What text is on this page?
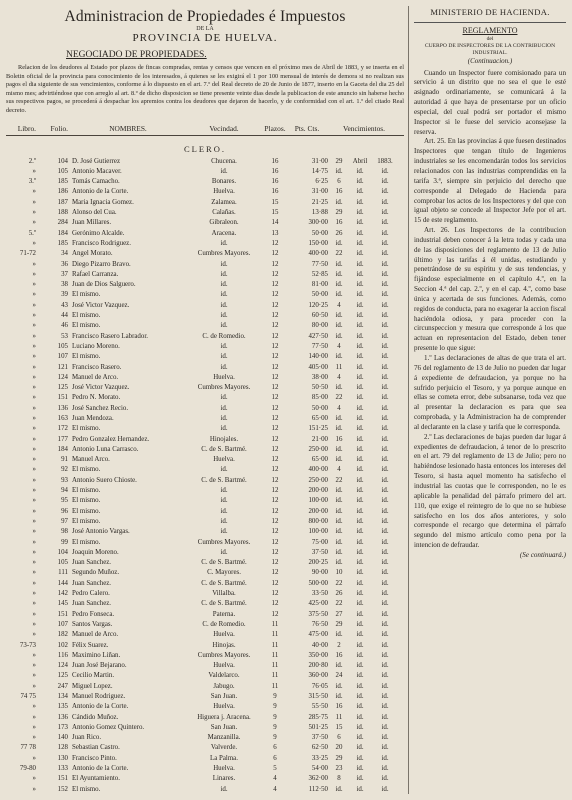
Administracion de Propiedades é Impuestos
DE LA
PROVINCIA DE HUELVA.
NEGOCIADO DE PROPIEDADES.
Relacion de los deudores al Estado por plazos de fincas compradas, rentas y censos que vencen en el próximo mes de Abril de 1883, y se inserta en el Boletin oficial de la provincia para conocimiento de los interesados, á quienes se les exigirá el 1 por 100 mensual de interés de demora si no realizan sus pagos el dia siguiente de sus vencimientos, conforme á lo dispuesto en el art. 7.º del Real decreto de 20 de Junio de 1877, inserto en la Gaceta del dia 25 del mismo mes; advirtiéndose que con arreglo al art. 8.º de dicho disposicion se tiene presente veinte dias desde la publicacion de este anuncio sin haberse hecho sus respectivos pagos, se procederá á despachar los apremios contra los deudores que dejaron de hacerlo, y de conformidad con el art. 1.º del citado Real decreto.
Libro.	Folio.	NOMBRES.	Vecindad.	Plazos.	Pts. Cts.	Vencimientos.
CLERO.
2.º	104 D. José Gutierrez	Chucena.	16	31·00	29	Abril	1883.
»	105 Antonio Macaver.	id.	16	14·75	id.	id.	id.
3.º	185 Tomás Camacho.	Bonares.	16	6·25	6	id.	id.
»	186 Antonio de la Corte.	Huelva.	16	31·00	16	id.	id.
»	187 Maria Ignacia Gomez.	Zalamea.	15	21·25	id.	id.	id.
»	188 Alonso del Cua.	Calañas.	15	13·88	29	id.	id.
»	284 Juan Millares.	Gibraleon.	14	300·00	16	id.	id.
5.º	184 Gerónimo Alcalde.	Aracena.	13	50·00	26	id.	id.
»	185 Francisco Rodriguez.	id.	12	150·00	id.	id.	id.
71-72	34 Angel Morato.	Cumbres Mayores.	12	400·00	22	id.	id.
»	36 Diego Pizarro Bravo.	id.	12	77·50	id.	id.	id.
»	37 Rafael Carranza.	id.	12	52·85	id.	id.	id.
»	38 Juan de Dios Salguero.	id.	12	81·00	id.	id.	id.
»	39 El mismo.	id.	12	50·00	id.	id.	id.
»	43 José Victor Vazquez.	id.	12	120·25	4	id.	id.
»	44 El mismo.	id.	12	60·50	id.	id.	id.
»	46 El mismo.	id.	12	80·00	id.	id.	id.
»	53 Francisco Rasero Labrador.	C. de Romedio.	12	427·50	id.	id.	id.
»	105 Luciano Moreno.	id.	12	77·50	4	id.	id.
»	107 El mismo.	id.	12	140·00	id.	id.	id.
»	121 Francisco Rasero.	id.	12	405·00	11	id.	id.
»	124 Manuel de Arco.	Huelva.	12	38·00	4	id.	id.
»	125 José Victor Vazquez.	Cumbres Mayores.	12	50·50	id.	id.	id.
»	151 Pedro N. Morato.	id.	12	85·00	22	id.	id.
»	136 José Sanchez Recio.	id.	12	50·00	4	id.	id.
»	163 Juan Mendoza.	id.	12	65·00	id.	id.	id.
»	172 El mismo.	id.	12	151·25	id.	id.	id.
»	177 Pedro Gonzalez Hernandez.	Hinojales.	12	21·00	16	id.	id.
»	184 Antonio Luna Carrasco.	C. de S. Bartmé.	12	250·00	id.	id.	id.
»	91 Manuel Arco.	Huelva.	12	65·00	id.	id.	id.
»	92 El mismo.	id.	12	400·00	4	id.	id.
»	93 Antonio Suero Chioste.	C. de S. Bartmé.	12	250·00	22	id.	id.
»	94 El mismo.	id.	12	200·00	id.	id.	id.
»	95 El mismo.	id.	12	100·00	id.	id.	id.
»	96 El mismo.	id.	12	200·00	id.	id.	id.
»	97 El mismo.	id.	12	800·00	id.	id.	id.
»	98 José Antonio Vargas.	id.	12	100·00	id.	id.	id.
»	99 El mismo.	Cumbres Mayores.	12	75·00	id.	id.	id.
»	104 Joaquin Moreno.	id.	12	37·50	id.	id.	id.
»	105 Juan Sanchez.	C. de S. Bartmé.	12	200·25	id.	id.	id.
»	111 Segundo Muñoz.	C. Mayores.	12	90·00	10	id.	id.
»	144 Juan Sanchez.	C. de S. Bartmé.	12	500·00	22	id.	id.
»	142 Pedro Calero.	Villalba.	12	33·50	26	id.	id.
»	145 Juan Sanchez.	C. de S. Bartmé.	12	425·00	22	id.	id.
»	151 Pedro Fonseca.	Paterna.	12	375·50	27	id.	id.
»	107 Santos Vargas.	C. de Romedio.	11	76·50	29	id.	id.
»	182 Manuel de Arco.	Huelva.	11	475·00	id.	id.	id.
73-73	102 Félix Suarez.	Hinojas.	11	40·00	2	id.	id.
»	116 Maximino Liñan.	Cumbres Mayores.	11	350·00	16	id.	id.
»	124 Juan José Bejarano.	Huelva.	11	200·80	id.	id.	id.
»	125 Cecilio Martin.	Valdelarco.	11	360·00	24	id.	id.
»	247 Miguel Lopez.	Jabugo.	11	76·05	id.	id.	id.
74 75	134 Manuel Rodriguez.	San Juan.	9	315·50	id.	id.	id.
»	135 Antonio de la Corte.	Huelva.	9	55·50	16	id.	id.
»	136 Cándido Muñoz.	Higuera j. Aracena.	9	285·75	11	id.	id.
»	173 Antonio Gomez Quintero.	San Juan.	9	501·25	15	id.	id.
»	140 Juan Rico.	Manzanilla.	9	37·50	6	id.	id.
77 78	128 Sebastian Castro.	Valverde.	6	62·50	20	id.	id.
»	130 Francisco Pinto.	La Palma.	6	33·25	29	id.	id.
79-80	133 Antonio de la Corte.	Huelva.	5	54·00	23	id.	id.
»	151 El Ayuntamiento.	Linares.	4	362·00	8	id.	id.
»	152 El mismo.	id.	4	112·50	id.	id.	id.
MINISTERIO DE HACIENDA.
REGLAMENTO
del
CUERPO DE INSPECTORES DE LA CONTRIBUCION INDUSTRIAL.
(Continuacion.)

Cuando un Inspector fuere comisionado para un servicio á un distrito que no sea el que le esté asignado ordinariamente, se comunicará á la autoridad á que haya de presentarse por un oficio especial, del cual podrá ser portador el mismo Inspector si le fuese del servicio aconsejase la reserva.

Art. 25. En las provincias á que fuesen destinados Inspectores que tengan título de Ingenieros industriales se les encomendarán todos los servicios relacionados con las industrias comprendidas en la tarifa 3.ª, siempre sin perjuicio del derecho que corresponde al Delegado de Hacienda para comprobar los actos de los Inspectores y del que con igual objeto se concede al Inspector Jefe por el art. 15 de este reglamento.

Art. 26. Los Inspectores de la contribucion industrial deben conocer á la letra todas y cada una de las disposiciones del reglamento de 13 de Julio último y las tarifas á él unidas, estudiando y penetrándose de su espíritu y de sus tendencias, y fijándose especialmente en el capítulo 4.º, en la Seccion 4.ª del cap. 2.º, y en el cap. 4.º, como base única y acertada de sus funciones. Además, como regidos de conducta, para no exagerar la accion fiscal haciéndola odiosa, y para proceder con la circunspeccion y mesura que corresponde á los que actuan en representacion del Estado, deben tener presente lo que sigue:

1.º Las declaraciones de altas de que trata el art. 76 del reglamento de 13 de Julio no pueden dar lugar á expediente de defraudacion, ya porque no ha sufrido perjuicio el Tesoro, y ya porque aunque en ellas se cometa error, debe subsanarse, toda vez que al presentar la declaracion es para que sea comprobada, y la Administracion ha de comprender al declarante en la clase y tarifa que le corresponda.

2.º Las declaraciones de bajas pueden dar lugar á expedientes de defraudacion, á tenor de lo prescrito en el art. 79 del reglamento de 13 de Julio; pero no habiéndose lesionado hasta entonces los intereses del Tesoro, si hasta aquel momento ha satisfecho el industrial las cuotas que le corresponden, no le es aplicable la penalidad del párrafo primero del art. 110, que exige el reintegro de lo que no se hubiese satisfecho en los dos años anteriores, y solo corresponde el recargo que determina el párrafo segundo del mismo artículo como pena por la intencion de defraudar.

(Se continuará.)
